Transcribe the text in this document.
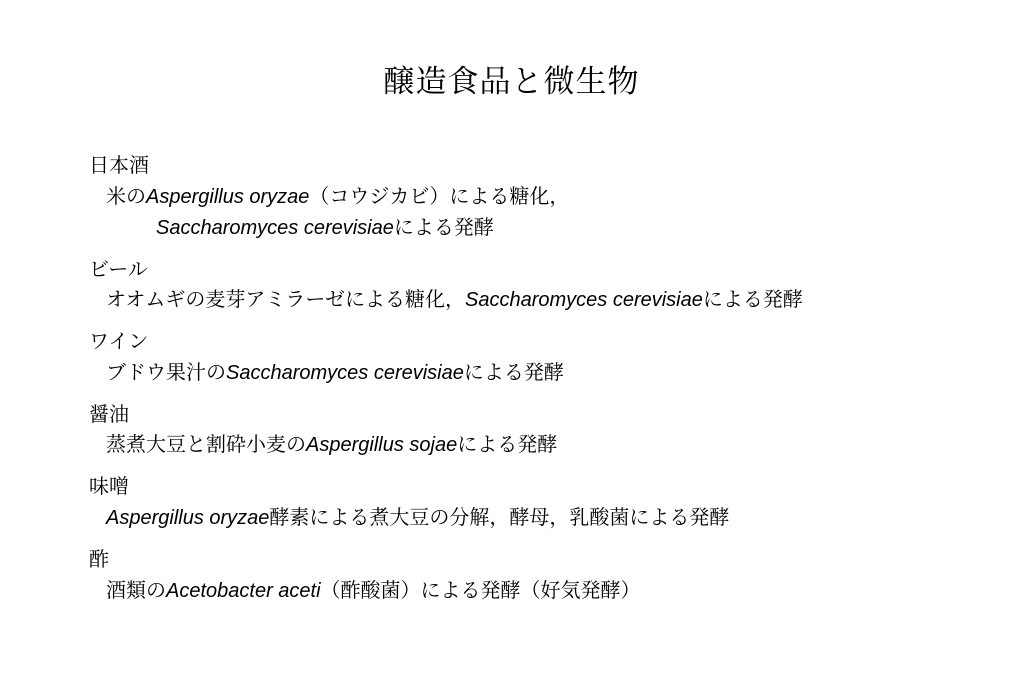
醸造食品と微生物
日本酒
米のAspergillus oryzae（コウジカビ）による糖化，
Saccharomyces cerevisiaeによる発酵
ビール
オオムギの麦芽アミラーゼによる糖化，Saccharomyces cerevisiaeによる発酵
ワイン
ブドウ果汁のSaccharomyces cerevisiaeによる発酵
醤油
蒸煮大豆と割砕小麦のAspergillus sojaeによる発酵
味噌
Aspergillus oryzae酵素による煮大豆の分解，酵母，乳酸菌による発酵
酢
酒類のAcetobacter aceti（酢酸菌）による発酵（好気発酵）
